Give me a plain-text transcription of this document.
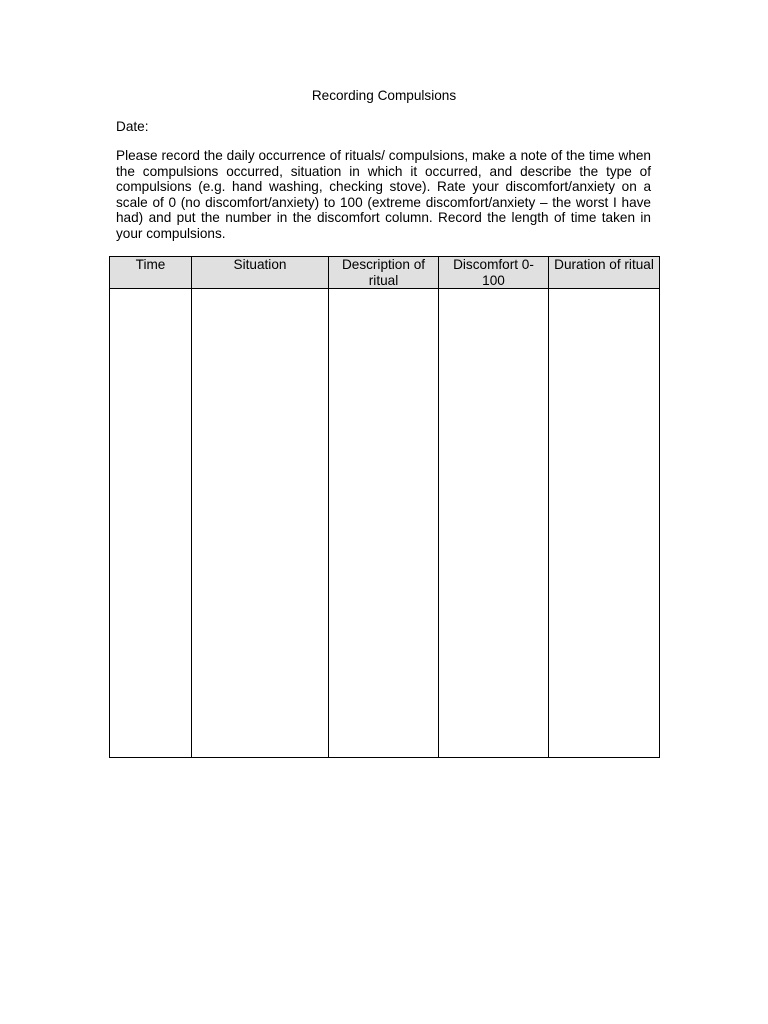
Recording Compulsions
Date:
Please record the daily occurrence of rituals/ compulsions, make a note of the time when the compulsions occurred, situation in which it occurred, and describe the type of compulsions (e.g. hand washing, checking stove). Rate your discomfort/anxiety on a scale of 0 (no discomfort/anxiety) to 100 (extreme discomfort/anxiety – the worst I have had) and put the number in the discomfort column. Record the length of time taken in your compulsions.
Time	Situation	Description of ritual	Discomfort 0-100	Duration of ritual
